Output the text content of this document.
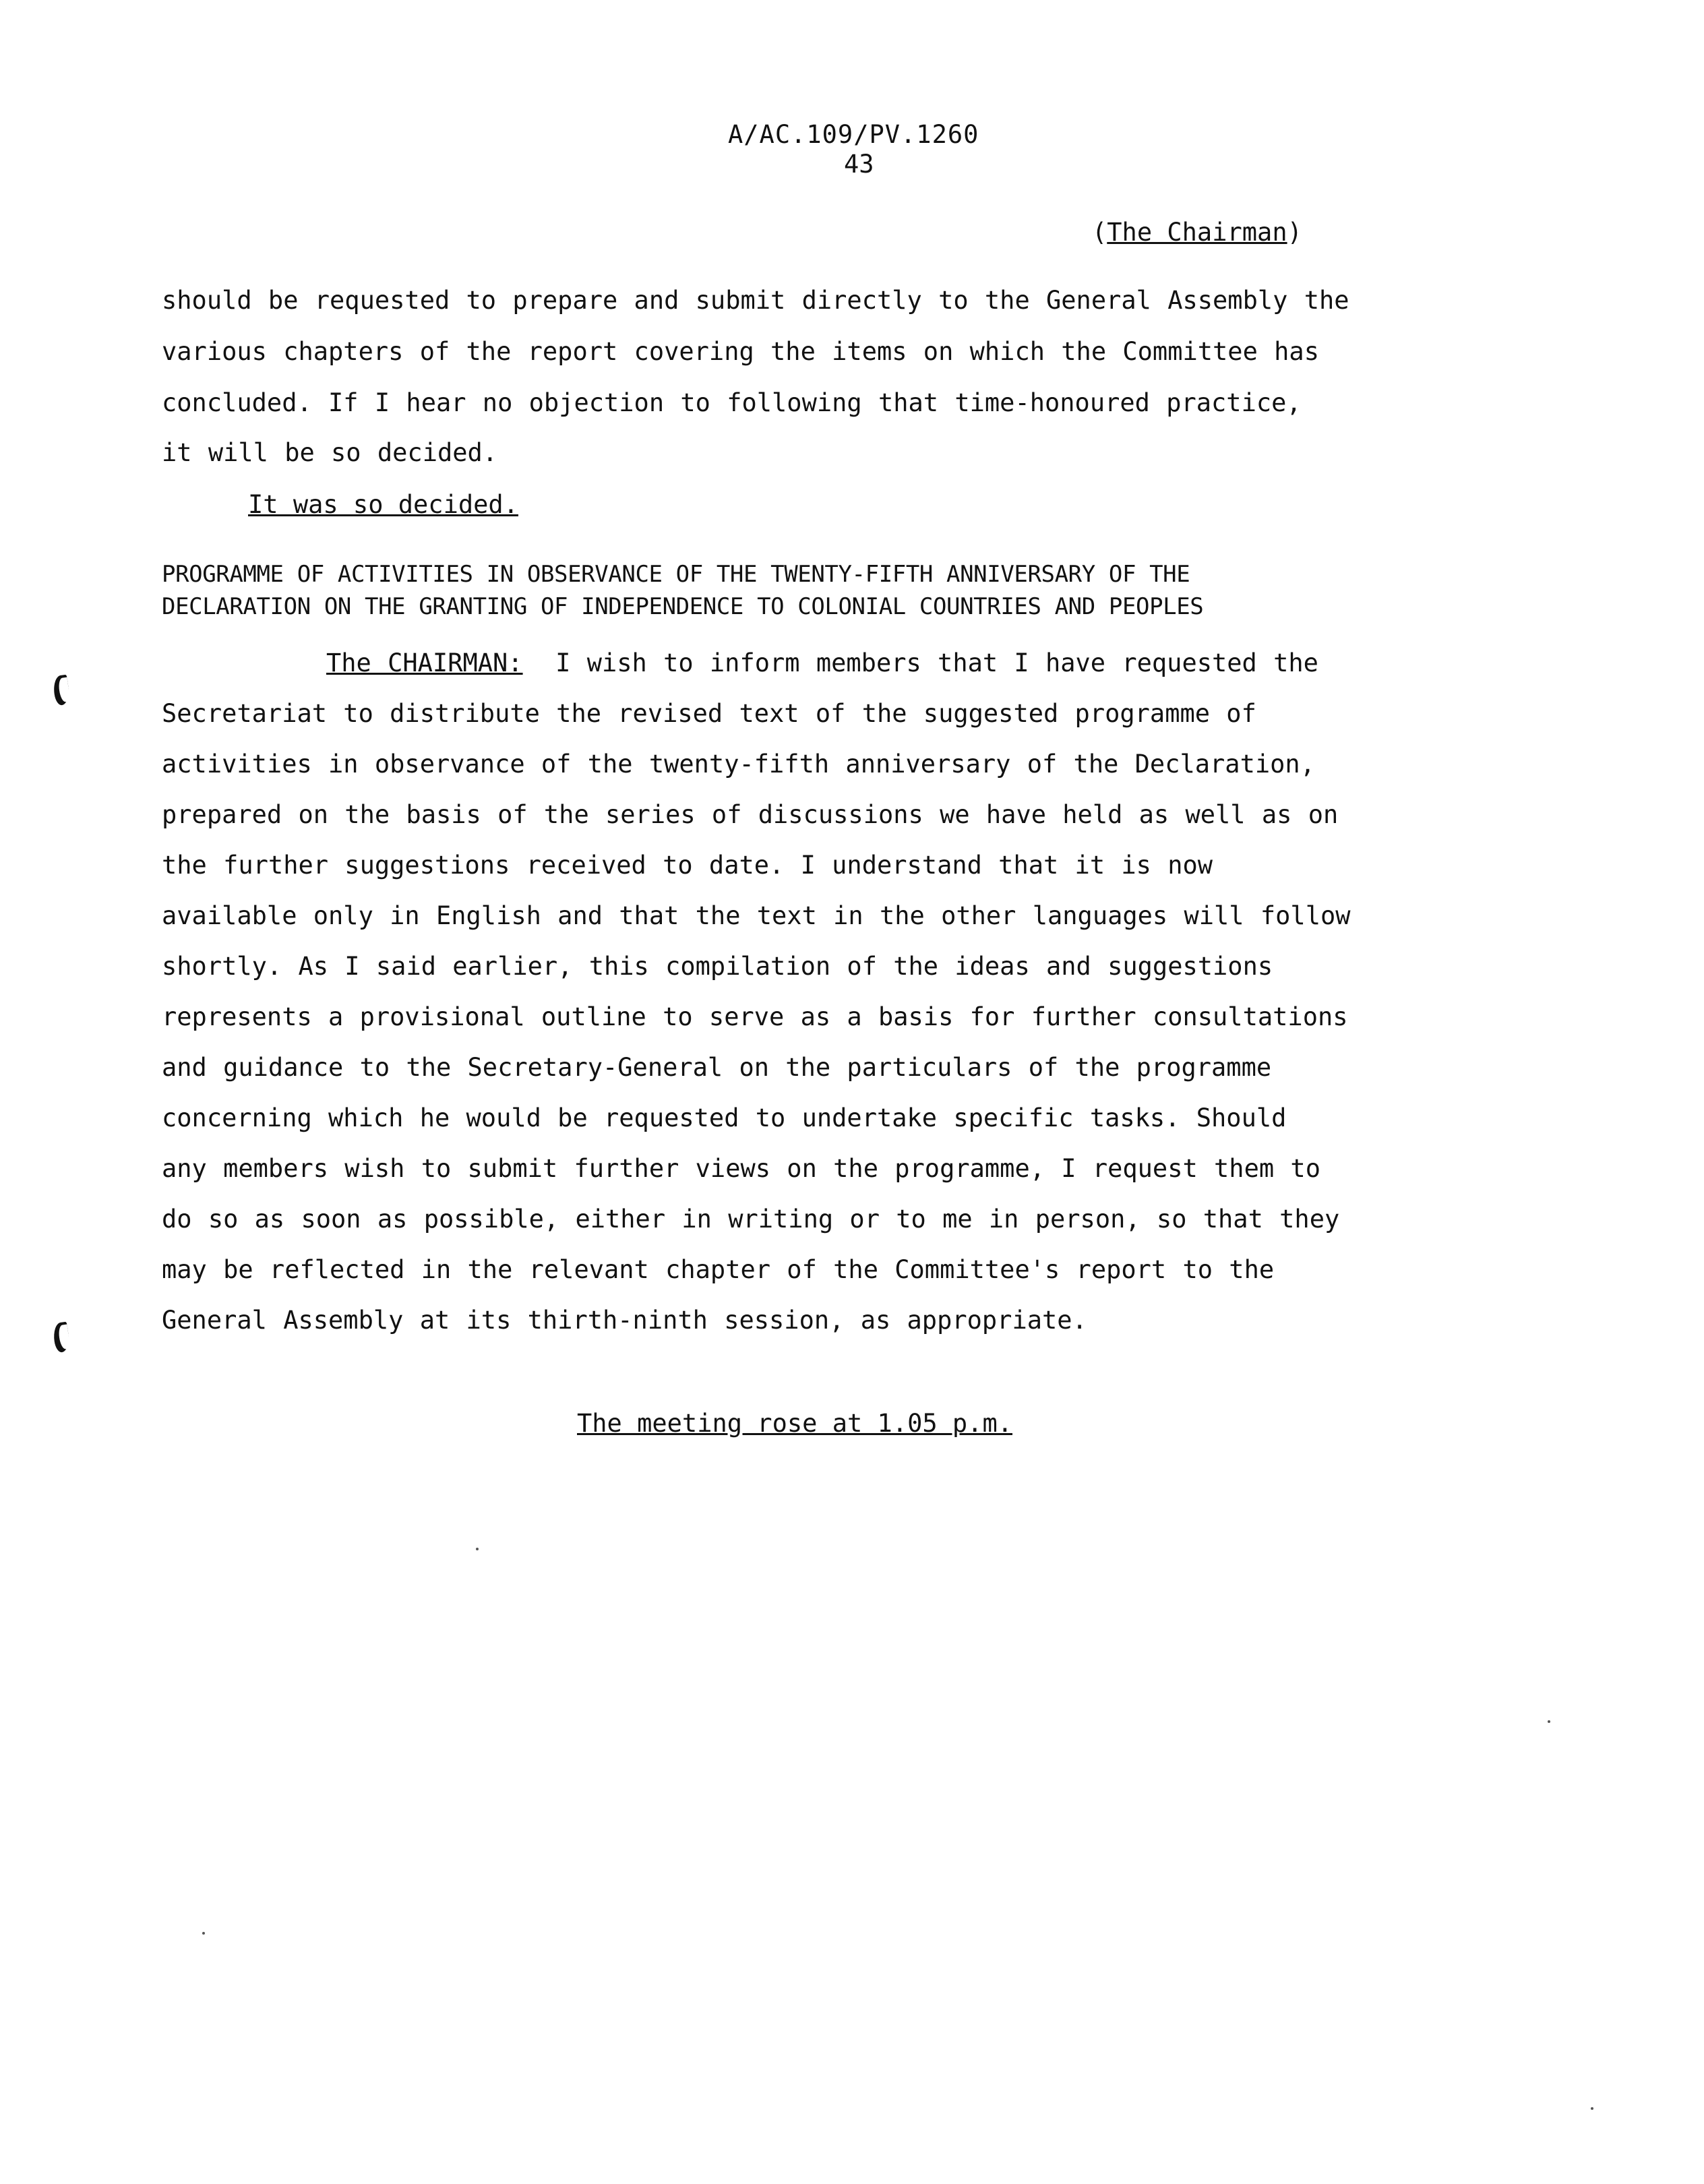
A/AC.109/PV.1260
43
(The Chairman)
should be requested to prepare and submit directly to the General Assembly the
various chapters of the report covering the items on which the Committee has
concluded. If I hear no objection to following that time-honoured practice,
it will be so decided.
It was so decided.
PROGRAMME OF ACTIVITIES IN OBSERVANCE OF THE TWENTY-FIFTH ANNIVERSARY OF THE
DECLARATION ON THE GRANTING OF INDEPENDENCE TO COLONIAL COUNTRIES AND PEOPLES
The CHAIRMAN:  I wish to inform members that I have requested the
Secretariat to distribute the revised text of the suggested programme of
activities in observance of the twenty-fifth anniversary of the Declaration,
prepared on the basis of the series of discussions we have held as well as on
the further suggestions received to date. I understand that it is now
available only in English and that the text in the other languages will follow
shortly. As I said earlier, this compilation of the ideas and suggestions
represents a provisional outline to serve as a basis for further consultations
and guidance to the Secretary-General on the particulars of the programme
concerning which he would be requested to undertake specific tasks. Should
any members wish to submit further views on the programme, I request them to
do so as soon as possible, either in writing or to me in person, so that they
may be reflected in the relevant chapter of the Committee's report to the
General Assembly at its thirth-ninth session, as appropriate.
The meeting rose at 1.05 p.m.
